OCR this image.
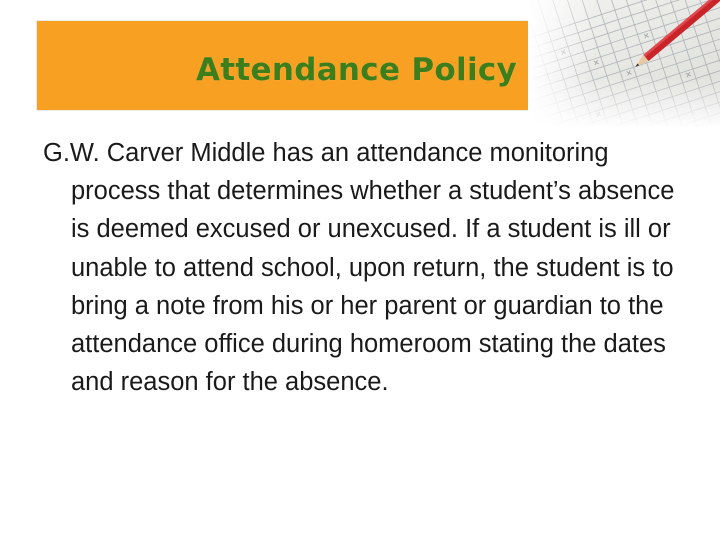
Attendance Policy

G.W. Carver Middle has an attendance monitoring process that determines whether a student’s absence is deemed excused or unexcused. If a student is ill or unable to attend school, upon return, the student is to bring a note from his or her parent or guardian to the attendance office during homeroom stating the dates and reason for the absence.
